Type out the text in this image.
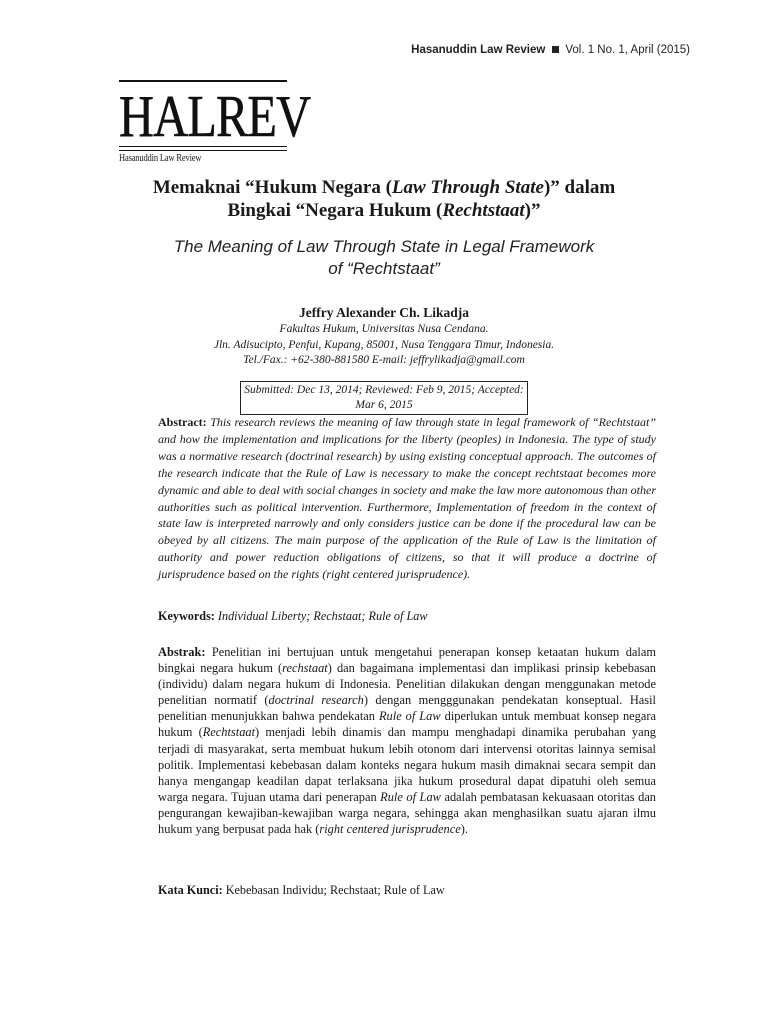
Hasanuddin Law Review Vol. 1 No. 1, April (2015)
HALREV
Hasanuddin Law Review
Memaknai “Hukum Negara (Law Through State)” dalam
Bingkai “Negara Hukum (Rechtstaat)”
The Meaning of Law Through State in Legal Framework
of “Rechtstaat”
Jeffry Alexander Ch. Likadja
Fakultas Hukum, Universitas Nusa Cendana.
Jln. Adisucipto, Penfui, Kupang, 85001, Nusa Tenggara Timur, Indonesia.
Tel./Fax.: +62-380-881580 E-mail: jeffrylikadja@gmail.com
Submitted: Dec 13, 2014; Reviewed: Feb 9, 2015; Accepted: Mar 6, 2015
Abstract: This research reviews the meaning of law through state in legal framework of “Rechtstaat” and how the implementation and implications for the liberty (peoples) in Indonesia. The type of study was a normative research (doctrinal research) by using existing conceptual approach. The outcomes of the research indicate that the Rule of Law is necessary to make the concept rechtstaat becomes more dynamic and able to deal with social changes in society and make the law more autonomous than other authorities such as political intervention. Furthermore, Implementation of freedom in the context of state law is interpreted narrowly and only considers justice can be done if the procedural law can be obeyed by all citizens. The main purpose of the application of the Rule of Law is the limitation of authority and power reduction obligations of citizens, so that it will produce a doctrine of jurisprudence based on the rights (right centered jurisprudence).
Keywords: Individual Liberty; Rechstaat; Rule of Law
Abstrak: Penelitian ini bertujuan untuk mengetahui penerapan konsep ketaatan hukum dalam bingkai negara hukum (rechstaat) dan bagaimana implementasi dan implikasi prinsip kebebasan (individu) dalam negara hukum di Indonesia. Penelitian dilakukan dengan menggunakan metode penelitian normatif (doctrinal research) dengan mengggunakan pendekatan konseptual. Hasil penelitian menunjukkan bahwa pendekatan Rule of Law diperlukan untuk membuat konsep negara hukum (Rechtstaat) menjadi lebih dinamis dan mampu menghadapi dinamika perubahan yang terjadi di masyarakat, serta membuat hukum lebih otonom dari intervensi otoritas lainnya semisal politik. Implementasi kebebasan dalam konteks negara hukum masih dimaknai secara sempit dan hanya mengangap keadilan dapat terlaksana jika hukum prosedural dapat dipatuhi oleh semua warga negara. Tujuan utama dari penerapan Rule of Law adalah pembatasan kekuasaan otoritas dan pengurangan kewajiban-kewajiban warga negara, sehingga akan menghasilkan suatu ajaran ilmu hukum yang berpusat pada hak (right centered jurisprudence).
Kata Kunci: Kebebasan Individu; Rechstaat; Rule of Law
